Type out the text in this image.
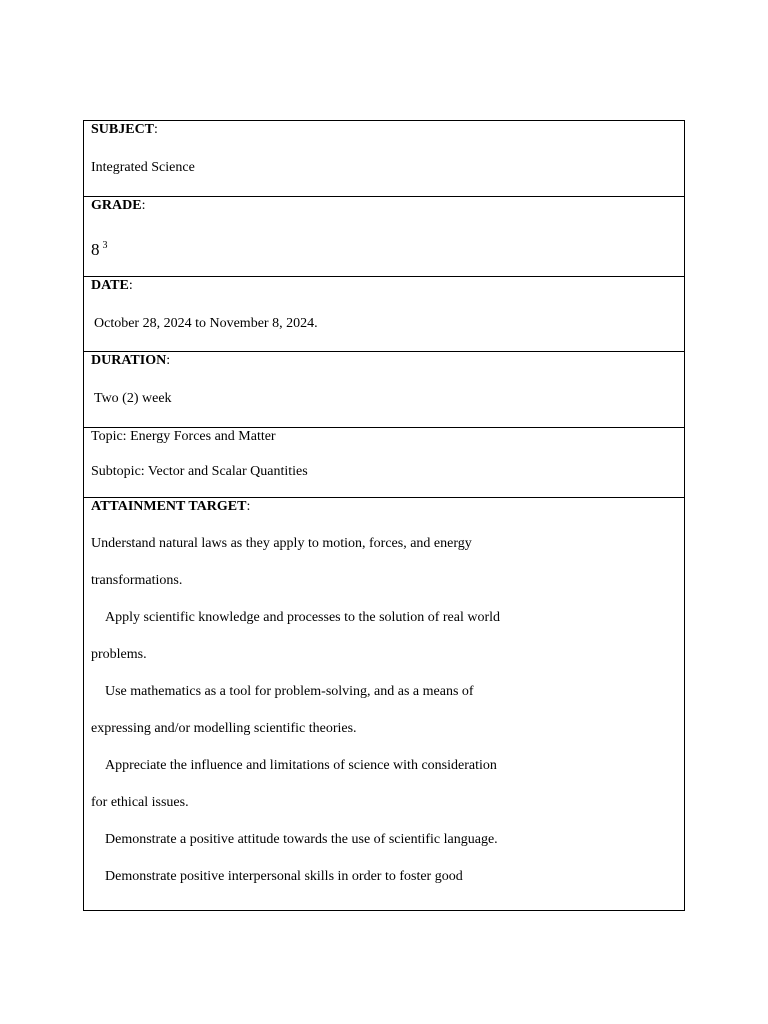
SUBJECT:
Integrated Science
GRADE:
8 $^3$
DATE:
October 28, 2024 to November 8, 2024.
DURATION:
Two (2) week
Topic: Energy Forces and Matter
Subtopic: Vector and Scalar Quantities
ATTAINMENT TARGET:
Understand natural laws as they apply to motion, forces, and energy
transformations.
Apply scientific knowledge and processes to the solution of real world
problems.
Use mathematics as a tool for problem-solving, and as a means of
expressing and/or modelling scientific theories.
Appreciate the influence and limitations of science with consideration
for ethical issues.
Demonstrate a positive attitude towards the use of scientific language.
Demonstrate positive interpersonal skills in order to foster good
